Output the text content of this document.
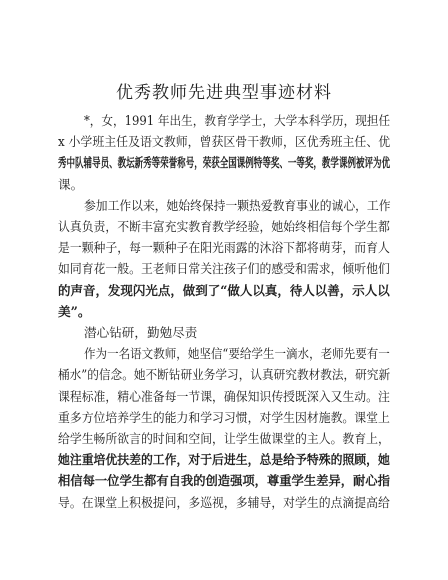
优秀教师先进典型事迹材料
*，女，1991 年出生，教育学学士，大学本科学历，现担任
x 小学班主任及语文教师，曾获区骨干教师，区优秀班主任、优
秀中队辅导员、教坛新秀等荣誉称号，荣获全国课例特等奖、一等奖，教学课例被评为优
课。
参加工作以来，她始终保持一颗热爱教育事业的诚心，工作
认真负责，不断丰富充实教育教学经验，她始终相信每个学生都
是一颗种子，每一颗种子在阳光雨露的沐浴下都将萌芽，而育人
如同育花一般。王老师日常关注孩子们的感受和需求，倾听他们
的声音，发现闪光点，做到了“做人以真，待人以善，示人以
美”。
潜心钻研，勤勉尽责
作为一名语文教师，她坚信“要给学生一滴水，老师先要有一
桶水”的信念。她不断钻研业务学习，认真研究教材教法，研究新
课程标准，精心准备每一节课，确保知识传授既深入又生动。注
重多方位培养学生的能力和学习习惯，对学生因材施教。课堂上
给学生畅所欲言的时间和空间，让学生做课堂的主人。教育上，
她注重培优扶差的工作，对于后进生，总是给予特殊的照顾，她
相信每一位学生都有自我的创造强项，尊重学生差异，耐心指
导。在课堂上积极提问，多巡视，多辅导，对学生的点滴提高给
